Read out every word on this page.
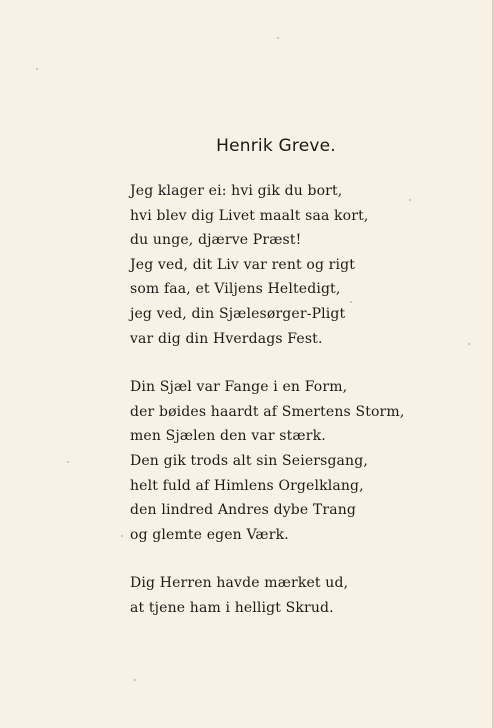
Henrik Greve.
Jeg klager ei: hvi gik du bort,
hvi blev dig Livet maalt saa kort,
du unge, djærve Præst!
Jeg ved, dit Liv var rent og rigt
som faa, et Viljens Heltedigt,
jeg ved, din Sjælesørger-Pligt
var dig din Hverdags Fest.
Din Sjæl var Fange i en Form,
der bøides haardt af Smertens Storm,
men Sjælen den var stærk.
Den gik trods alt sin Seiersgang,
helt fuld af Himlens Orgelklang,
den lindred Andres dybe Trang
og glemte egen Værk.
Dig Herren havde mærket ud,
at tjene ham i helligt Skrud.
